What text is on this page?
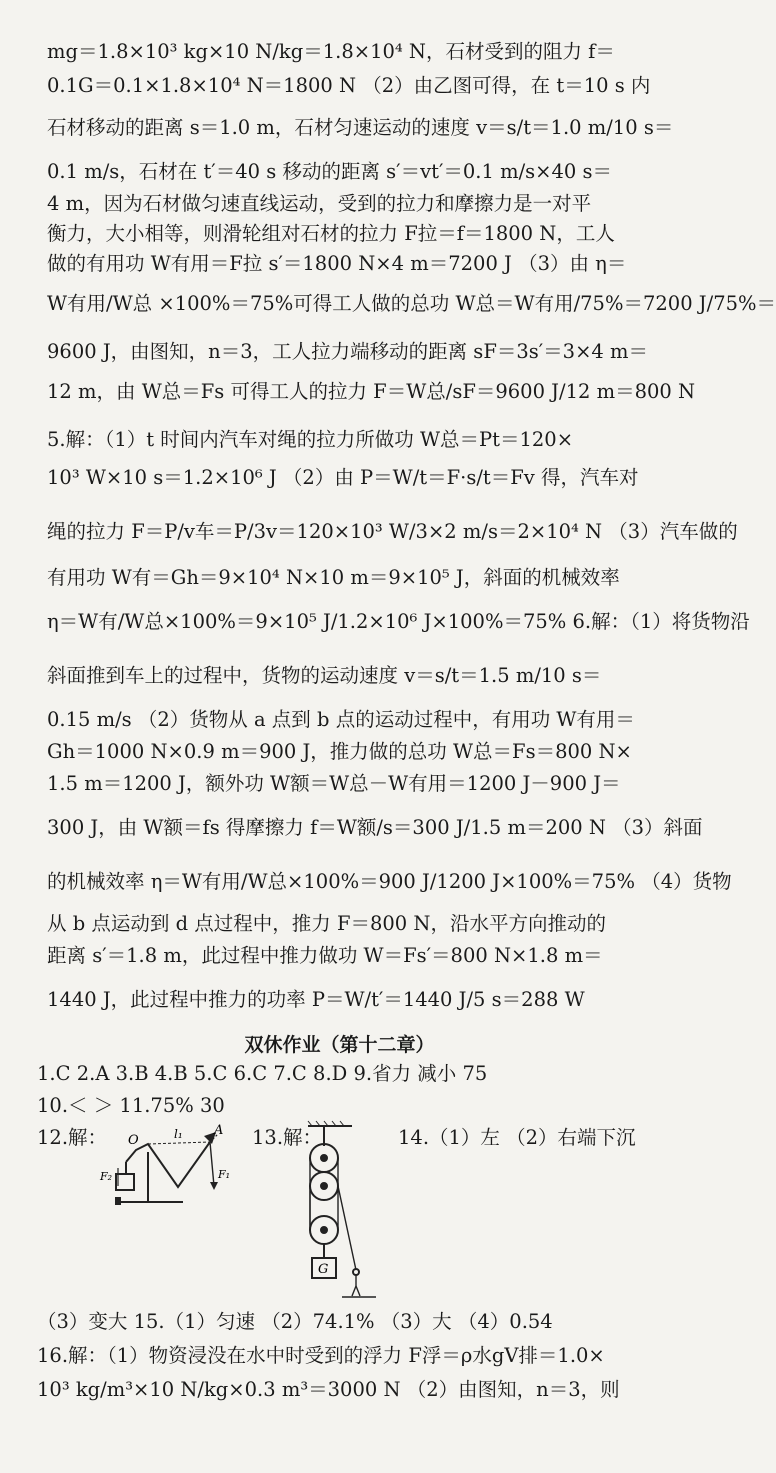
mg＝1.8×10³ kg×10 N/kg＝1.8×10⁴ N，石材受到的阻力 f＝
0.1G＝0.1×1.8×10⁴ N＝1800 N （2）由乙图可得，在 t＝10 s 内
石材移动的距离 s＝1.0 m，石材匀速运动的速度 v＝s/t＝1.0 m/10 s＝
0.1 m/s，石材在 t′＝40 s 移动的距离 s′＝vt′＝0.1 m/s×40 s＝
4 m，因为石材做匀速直线运动，受到的拉力和摩擦力是一对平
衡力，大小相等，则滑轮组对石材的拉力 F拉＝f＝1800 N，工人
做的有用功 W有用＝F拉 s′＝1800 N×4 m＝7200 J （3）由 η＝
W有用/W总 ×100%＝75%可得工人做的总功 W总＝W有用/75%＝7200 J/75%＝
9600 J，由图知，n＝3，工人拉力端移动的距离 sF＝3s′＝3×4 m＝
12 m，由 W总＝Fs 可得工人的拉力 F＝W总/sF＝9600 J/12 m＝800 N
5.解：（1）t 时间内汽车对绳的拉力所做功 W总＝Pt＝120×
10³ W×10 s＝1.2×10⁶ J （2）由 P＝W/t＝F·s/t＝Fv 得，汽车对
绳的拉力 F＝P/v车＝P/3v＝120×10³ W/3×2 m/s＝2×10⁴ N （3）汽车做的
有用功 W有＝Gh＝9×10⁴ N×10 m＝9×10⁵ J，斜面的机械效率
η＝W有/W总×100%＝9×10⁵ J/1.2×10⁶ J×100%＝75% 6.解：（1）将货物沿
斜面推到车上的过程中，货物的运动速度 v＝s/t＝1.5 m/10 s＝
0.15 m/s （2）货物从 a 点到 b 点的运动过程中，有用功 W有用＝
Gh＝1000 N×0.9 m＝900 J，推力做的总功 W总＝Fs＝800 N×
1.5 m＝1200 J，额外功 W额＝W总－W有用＝1200 J－900 J＝
300 J，由 W额＝fs 得摩擦力 f＝W额/s＝300 J/1.5 m＝200 N （3）斜面
的机械效率 η＝W有用/W总×100%＝900 J/1200 J×100%＝75% （4）货物
从 b 点运动到 d 点过程中，推力 F＝800 N，沿水平方向推动的
距离 s′＝1.8 m，此过程中推力做功 W＝Fs′＝800 N×1.8 m＝
1440 J，此过程中推力的功率 P＝W/t′＝1440 J/5 s＝288 W
双休作业（第十二章）
1.C 2.A 3.B 4.B 5.C 6.C 7.C 8.D 9.省力 减小 75
10.＜ ＞ 11.75% 30
12.解：	13.解：	14.（1）左 （2）右端下沉
O	l₁ A
F₁
F₂
G
（3）变大 15.（1）匀速 （2）74.1% （3）大 （4）0.54
16.解：（1）物资浸没在水中时受到的浮力 F浮＝ρ水gV排＝1.0×
10³ kg/m³×10 N/kg×0.3 m³＝3000 N （2）由图知，n＝3，则
